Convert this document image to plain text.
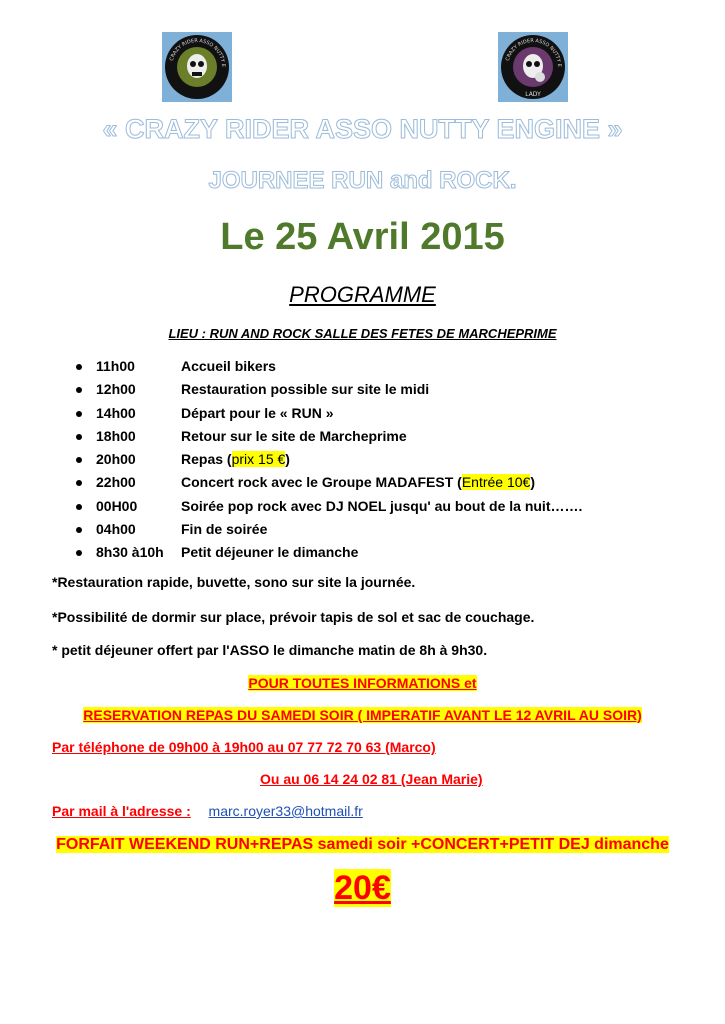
CRAZY RIDER ASSO NUTTY E
CRAZY RIDER ASSO NUTTY E
LADY
« CRAZY RIDER ASSO NUTTY ENGINE »
JOURNEE RUN and ROCK.
Le 25 Avril 2015
PROGRAMME
LIEU : RUN AND ROCK SALLE DES FETES DE MARCHEPRIME
11h00	Accueil bikers
12h00	Restauration possible sur site le midi
14h00	Départ pour le « RUN »
18h00	Retour sur le site de Marcheprime
20h00	Repas (prix 15 €)
22h00	Concert rock avec le Groupe MADAFEST (Entrée 10€)
00H00	Soirée pop rock avec DJ NOEL jusqu' au bout de la nuit…….
04h00	Fin de soirée
8h30 à10h Petit déjeuner le dimanche
*Restauration rapide, buvette, sono sur site la journée.
*Possibilité de dormir sur place, prévoir tapis de sol et sac de couchage.
* petit déjeuner offert par l'ASSO le dimanche matin de 8h à 9h30.
POUR TOUTES INFORMATIONS et
RESERVATION REPAS DU SAMEDI SOIR ( IMPERATIF AVANT LE 12 AVRIL AU SOIR)
Par téléphone de 09h00 à 19h00 au 07 77 72 70 63 (Marco)
Ou au 06 14 24 02 81 (Jean Marie)
Par mail à l'adresse : marc.royer33@hotmail.fr
FORFAIT WEEKEND RUN+REPAS samedi soir +CONCERT+PETIT DEJ dimanche
20€
